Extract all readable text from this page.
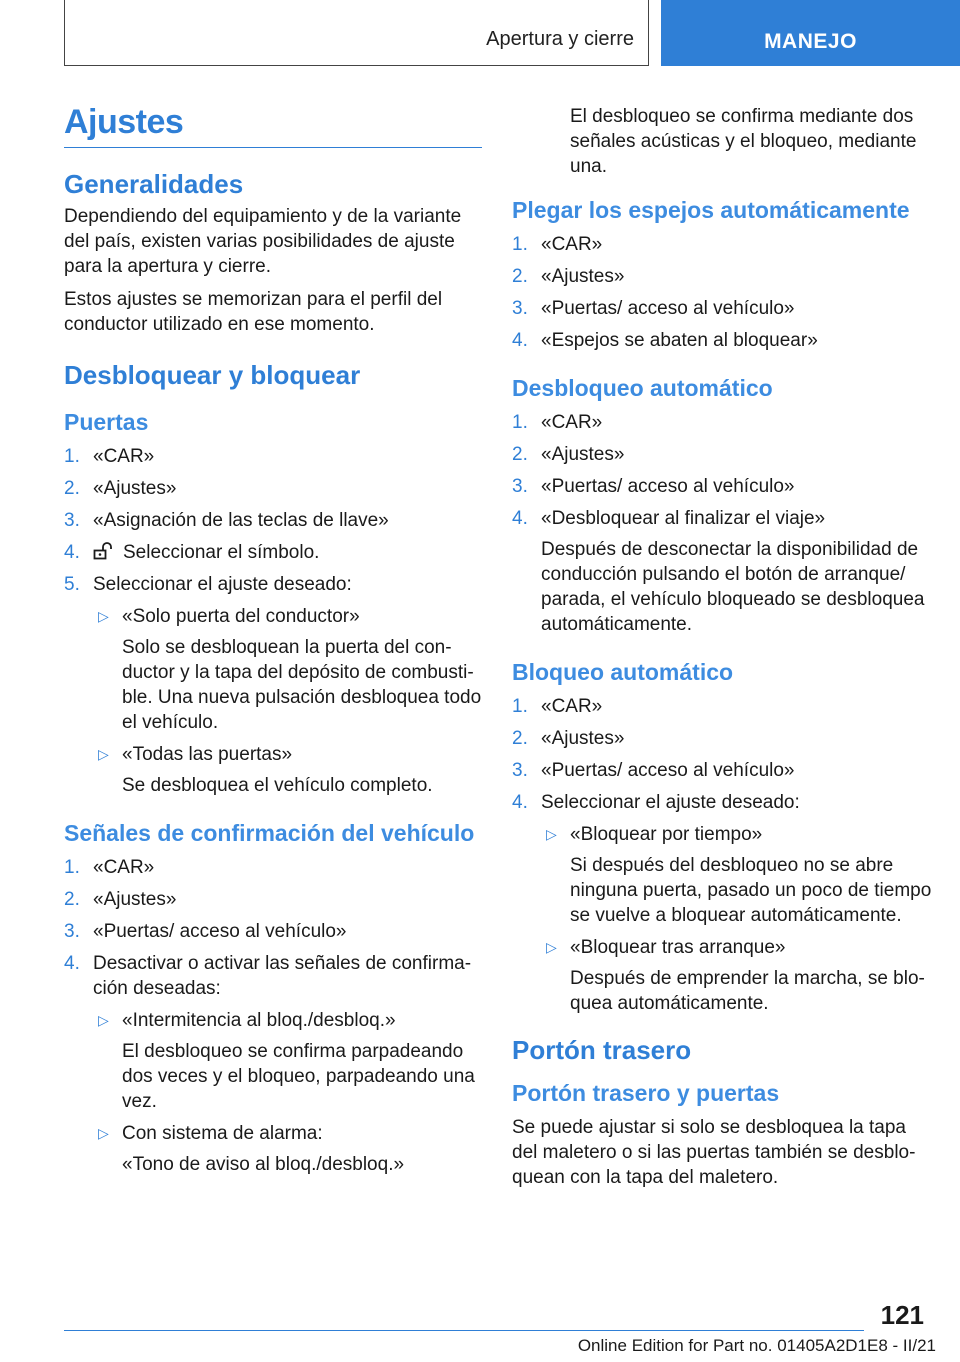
Apertura y cierre	MANEJO
Ajustes
Generalidades

Dependiendo del equipamiento y de la variante del país, existen varias posibilidades de ajuste para la apertura y cierre.

Estos ajustes se memorizan para el perfil del conductor utilizado en ese momento.

Desbloquear y bloquear
Puertas
1. «CAR»
2. «Ajustes»
3. «Asignación de las teclas de llave»
4. Seleccionar el símbolo.
5. Seleccionar el ajuste deseado:
▷ «Solo puerta del conductor»
Solo se desbloquean la puerta del conductor y la tapa del depósito de combustible. Una nueva pulsación desbloquea todo el vehículo.
▷ «Todas las puertas»
Se desbloquea el vehículo completo.
Señales de confirmación del vehículo
1. «CAR»
2. «Ajustes»
3. «Puertas/ acceso al vehículo»
4. Desactivar o activar las señales de confirmación deseadas:
▷ «Intermitencia al bloq./desbloq.»
El desbloqueo se confirma parpadeando dos veces y el bloqueo, parpadeando una vez.
▷ Con sistema de alarma:
«Tono de aviso al bloq./desbloq.»

El desbloqueo se confirma mediante dos señales acústicas y el bloqueo, mediante una.

Plegar los espejos automáticamente
1. «CAR»
2. «Ajustes»
3. «Puertas/ acceso al vehículo»
4. «Espejos se abaten al bloquear»
Desbloqueo automático
1. «CAR»
2. «Ajustes»
3. «Puertas/ acceso al vehículo»
4. «Desbloquear al finalizar el viaje»
Después de desconectar la disponibilidad de conducción pulsando el botón de arranque/ parada, el vehículo bloqueado se desbloquea automáticamente.
Bloqueo automático
1. «CAR»
2. «Ajustes»
3. «Puertas/ acceso al vehículo»
4. Seleccionar el ajuste deseado:
▷ «Bloquear por tiempo»
Si después del desbloqueo no se abre ninguna puerta, pasado un poco de tiempo se vuelve a bloquear automáticamente.
▷ «Bloquear tras arranque»
Después de emprender la marcha, se bloquea automáticamente.
Portón trasero
Portón trasero y puertas

Se puede ajustar si solo se desbloquea la tapa del maletero o si las puertas también se desbloquean con la tapa del maletero.

121
Online Edition for Part no. 01405A2D1E8 - II/21
